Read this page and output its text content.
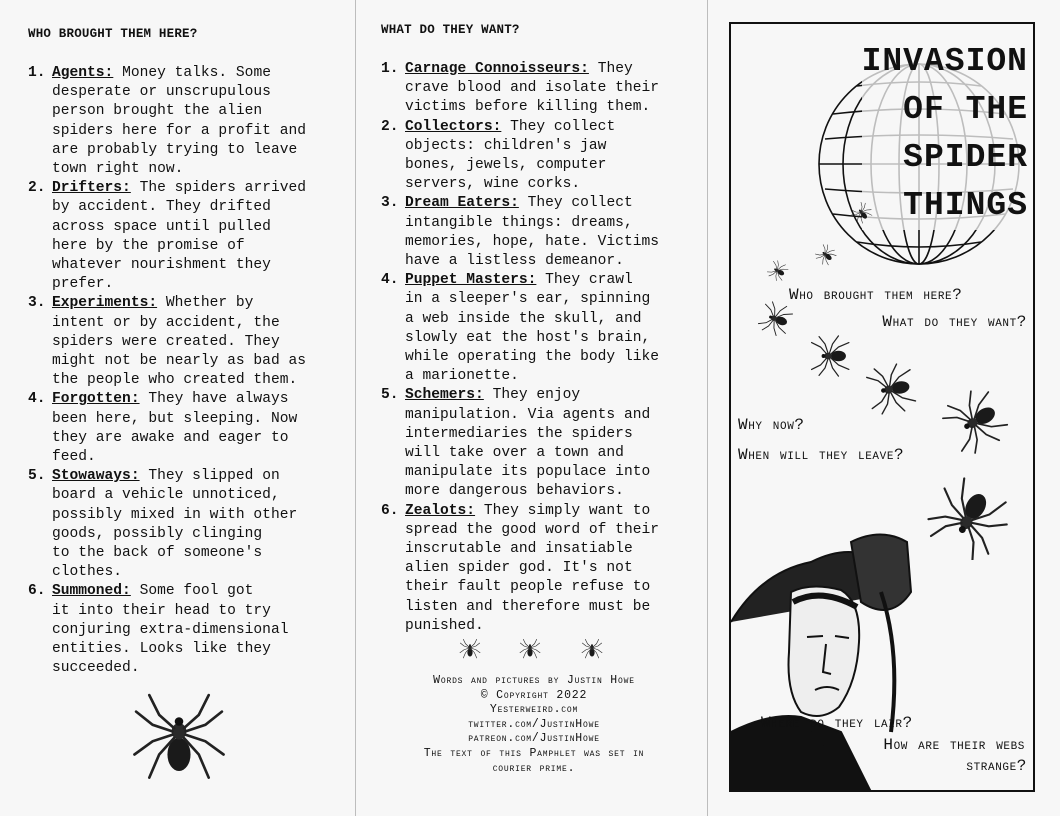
WHO BROUGHT THEM HERE?
1. Agents: Money talks. Some
desperate or unscrupulous
person brought the alien
spiders here for a profit and
are probably trying to leave
town right now.
2. Drifters: The spiders arrived
by accident. They drifted
across space until pulled
here by the promise of
whatever nourishment they
prefer.
3. Experiments: Whether by
intent or by accident, the
spiders were created. They
might not be nearly as bad as
the people who created them.
4. Forgotten: They have always
been here, but sleeping. Now
they are awake and eager to
feed.
5. Stowaways: They slipped on
board a vehicle unnoticed,
possibly mixed in with other
goods, possibly clinging
to the back of someone's
clothes.
6. Summoned: Some fool got
it into their head to try
conjuring extra-dimensional
entities. Looks like they
succeeded.
WHAT DO THEY WANT?
1. Carnage Connoisseurs: They
crave blood and isolate their
victims before killing them.
2. Collectors: They collect
objects: children's jaw
bones, jewels, computer
servers, wine corks.
3. Dream Eaters: They collect
intangible things: dreams,
memories, hope, hate. Victims
have a listless demeanor.
4. Puppet Masters: They crawl
in a sleeper's ear, spinning
a web inside the skull, and
slowly eat the host's brain,
while operating the body like
a marionette.
5. Schemers: They enjoy
manipulation. Via agents and
intermediaries the spiders
will take over a town and
manipulate its populace into
more dangerous behaviors.
6. Zealots: They simply want to
spread the good word of their
inscrutable and insatiable
alien spider god. It's not
their fault people refuse to
listen and therefore must be
punished.
Words and pictures by Justin Howe
© Copyright 2022
Yesterweird.com
twitter.com/JustinHowe
patreon.com/JustinHowe
The text of this Pamphlet was set in
courier prime.
INVASION
OF THE
SPIDER
THINGS
Who brought them here?
What do they want?
Why now?
When will they leave?
Where do they lair?
How are their webs
strange?
